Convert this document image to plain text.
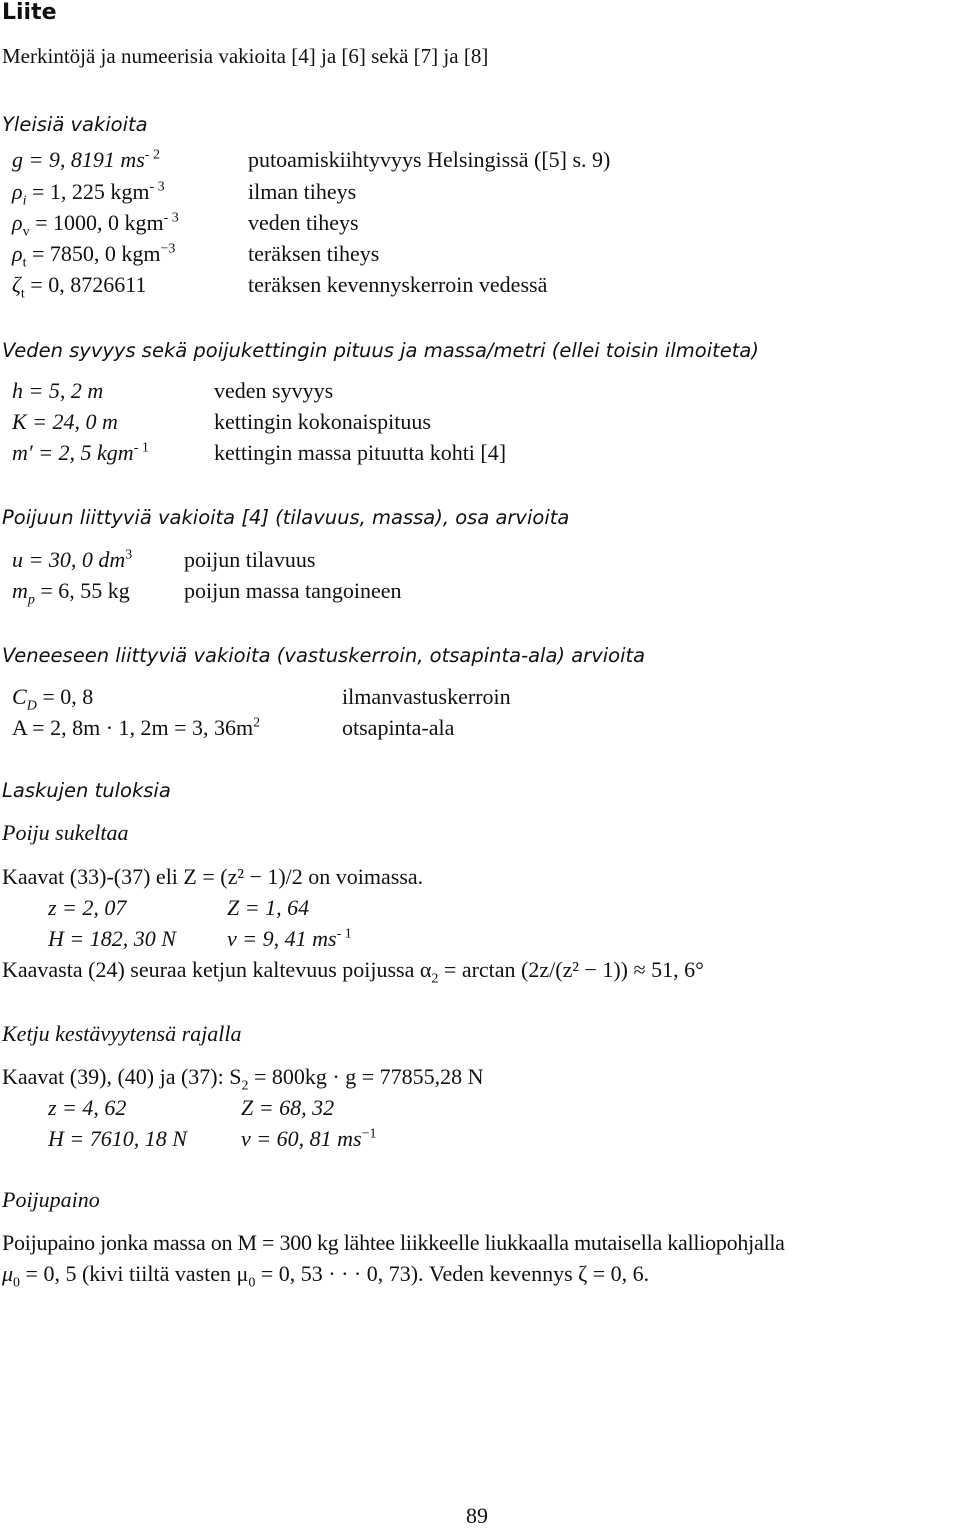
Liite
Merkintöjä ja numeerisia vakioita [4] ja [6] sekä [7] ja [8]
Yleisiä vakioita
g = 9, 8191 $ms^{- 2}$	putoamiskiihtyvyys Helsingissä ([5] s. 9)
$\rho_i = 1$, 225 kgm$^{- 3}$	ilman tiheys
$\rho_v = 1000$, 0 kgm$^{- 3}$	veden tiheys
$\rho_t = 7850$, 0 kgm$^{-3}$	teräksen tiheys
$\zeta_t = 0$, 8726611	teräksen kevennyskerroin vedessä
Veden syvyys sekä poijukettingin pituus ja massa/metri (ellei toisin ilmoiteta)
h = 5, 2 m	veden syvyys
K = 24, 0 m	kettingin kokonaispituus
m′ = 2, 5 kgm$^{- 1}$	kettingin massa pituutta kohti [4]
Poijuun liittyviä vakioita [4] (tilavuus, massa), osa arvioita
u = 30, 0 $dm^3$ poijun tilavuus
$m_p = 6$, 55 kg poijun massa tangoineen
Veneeseen liittyviä vakioita (vastuskerroin, otsapinta-ala) arvioita
$C_D = 0$, 8	ilmanvastuskerroin
A = 2, 8m · 1, 2m = 3, $36m^2$	otsapinta-ala
Laskujen tuloksia
Poiju sukeltaa
Kaavat (33)-(37) eli Z = (z² − 1)/2 on voimassa.
z = 2, 07	Z = 1, 64
H = 182, 30 N v = 9, 41 $ms^{- 1}$
Kaavasta (24) seuraa ketjun kaltevuus poijussa $\alpha_2 = \arctan (2z/(z^2 - 1)) \approx 51$, 6°
Ketju kestävyytensä rajalla
Kaavat (39), (40) ja (37): $S_2 = 800kg \cdot g = 77855,28$ N
z = 4, 62	Z = 68, 32
H = 7610, 18 N v = 60, 81 $ms^{-1}$
Poijupaino
Poijupaino jonka massa on M = 300 kg lähtee liikkeelle liukkaalla mutaisella kalliopohjalla
$\mu_0 = 0$, 5 (kivi tiiltä vasten $\mu_0 = 0$, 53 · · · 0, 73). Veden kevennys ζ = 0, 6.
89
